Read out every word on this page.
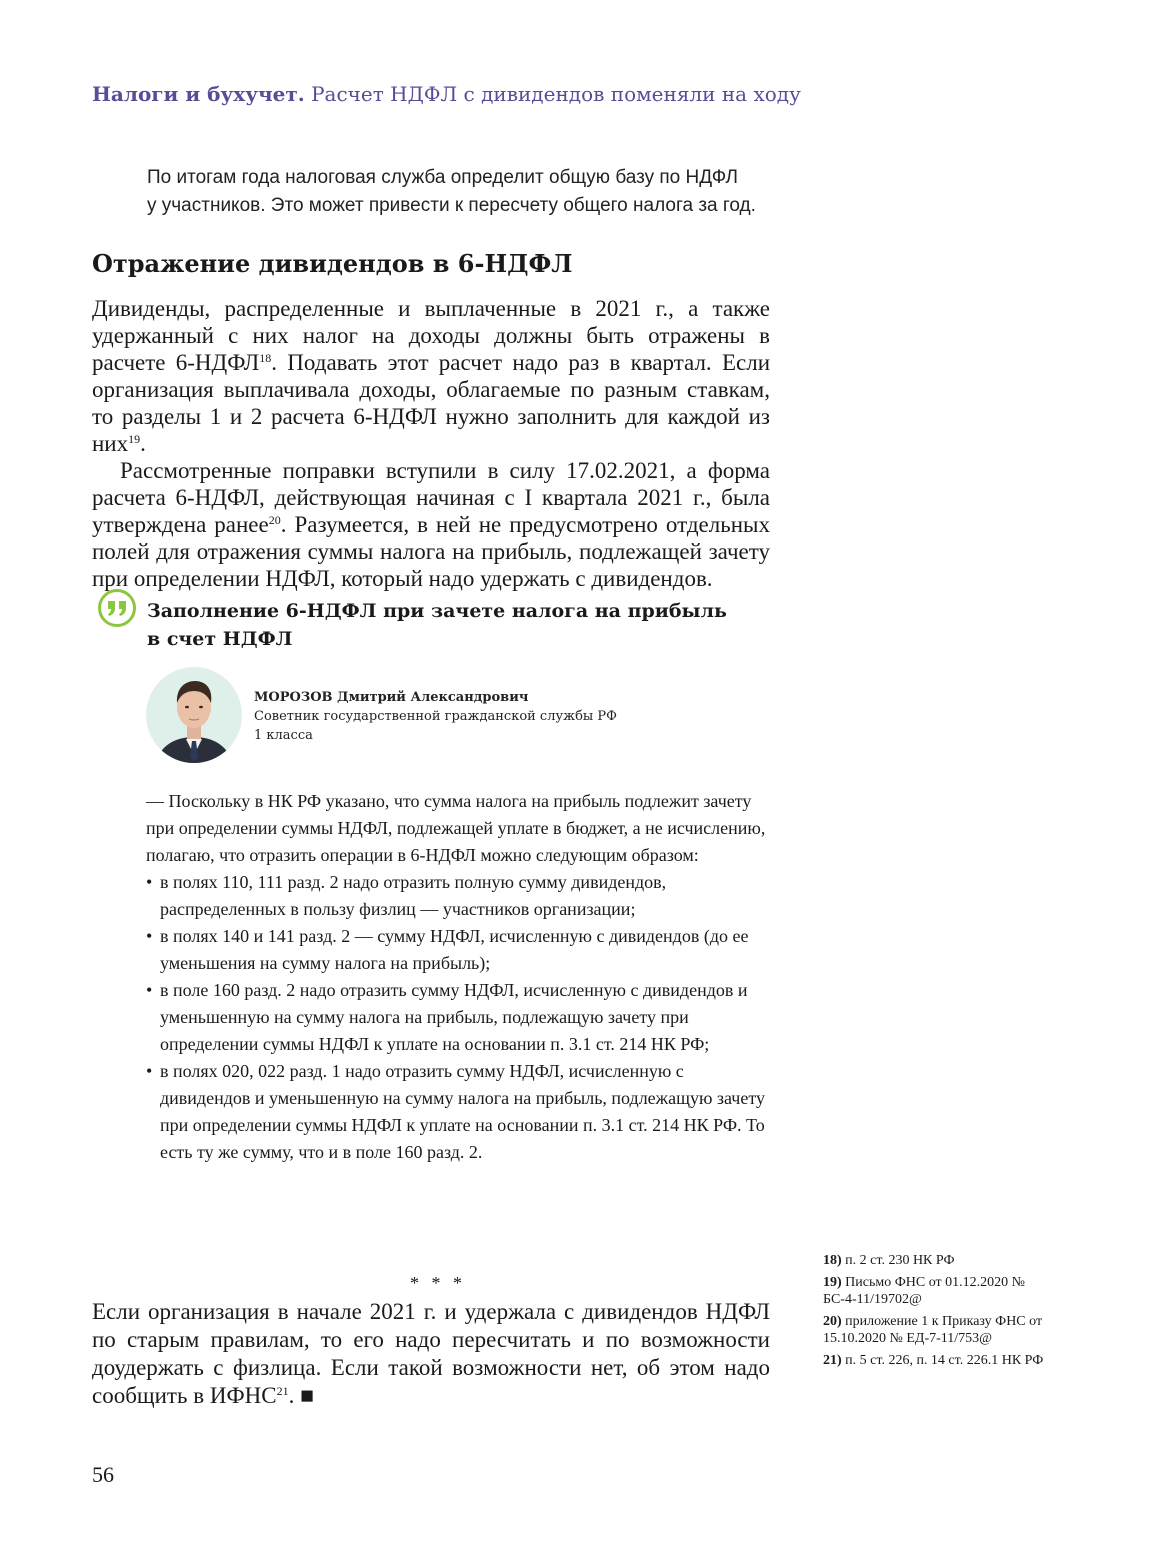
Налоги и бухучет. Расчет НДФЛ с дивидендов поменяли на ходу

По итогам года налоговая служба определит общую базу по НДФЛ

у участников. Это может привести к пересчету общего налога за год.

Отражение дивидендов в 6-НДФЛ

Дивиденды, распределенные и выплаченные в 2021 г., а также удержанный с них налог на доходы должны быть отражены в расчете 6-НДФЛ$^{18}$. Подавать этот расчет надо раз в квартал. Если организация выплачивала доходы, облагаемые по разным ставкам, то разделы 1 и 2 расчета 6-НДФЛ нужно заполнить для каждой из них$^{19}$.

Рассмотренные поправки вступили в силу 17.02.2021, а форма расчета 6-НДФЛ, действующая начиная с I квартала 2021 г., была утверждена ранее$^{20}$. Разумеется, в ней не предусмотрено отдельных полей для отражения суммы налога на прибыль, подлежащей зачету при определении НДФЛ, который надо удержать с дивидендов.

Заполнение 6-НДФЛ при зачете налога на прибыль
в счет НДФЛ
МОРОЗОВ Дмитрий Александрович
Советник государственной гражданской службы РФ
1 класса

— Поскольку в НК РФ указано, что сумма налога на прибыль подлежит зачету при определении суммы НДФЛ, подлежащей уплате в бюджет, а не исчислению, полагаю, что отразить операции в 6-НДФЛ можно следующим образом:

• в полях 110, 111 разд. 2 надо отразить полную сумму дивидендов, распределенных в пользу физлиц — участников организации;
• в полях 140 и 141 разд. 2 — сумму НДФЛ, исчисленную с дивидендов (до ее уменьшения на сумму налога на прибыль);
• в поле 160 разд. 2 надо отразить сумму НДФЛ, исчисленную с дивидендов и уменьшенную на сумму налога на прибыль, подлежащую зачету при определении суммы НДФЛ к уплате на основании п. 3.1 ст. 214 НК РФ;
• в полях 020, 022 разд. 1 надо отразить сумму НДФЛ, исчисленную с дивидендов и уменьшенную на сумму налога на прибыль, подлежащую зачету при определении суммы НДФЛ к уплате на основании п. 3.1 ст. 214 НК РФ. То есть ту же сумму, что и в поле 160 разд. 2.
* * *

Если организация в начале 2021 г. и удержала с дивидендов НДФЛ по старым правилам, то его надо пересчитать и по возможности доудержать с физлица. Если такой возможности нет, об этом надо сообщить в ИФНС$^{21}$. ■

18) п. 2 ст. 230 НК РФ

19) Письмо ФНС от 01.12.2020 № БС-4-11/19702@

20) приложение 1 к Приказу ФНС от 15.10.2020 № ЕД-7-11/753@

21) п. 5 ст. 226, п. 14 ст. 226.1 НК РФ

56
